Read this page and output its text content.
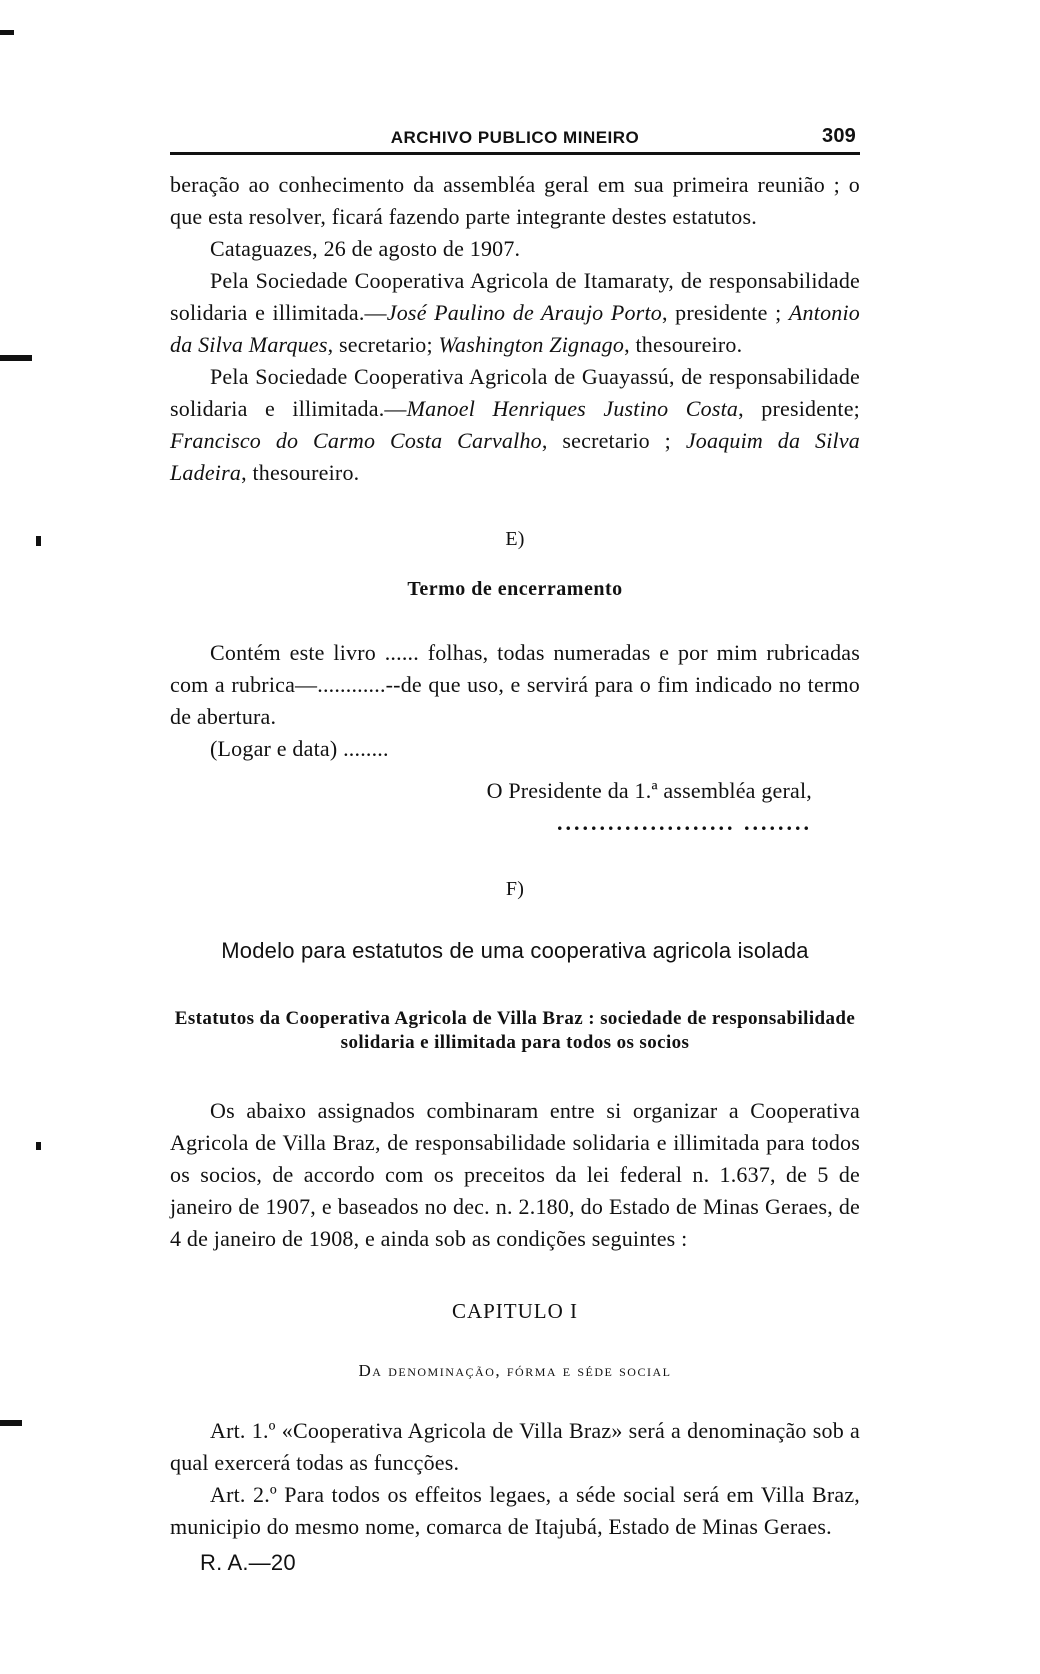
ARCHIVO PUBLICO MINEIRO	309

beração ao conhecimento da assembléa geral em sua primeira reunião ; o que esta resolver, ficará fazendo parte integrante destes estatutos.

Cataguazes, 26 de agosto de 1907.

Pela Sociedade Cooperativa Agricola de Itamaraty, de responsabilidade solidaria e illimitada.—José Paulino de Araujo Porto, presidente ; Antonio da Silva Marques, secretario; Washington Zignago, thesoureiro.

Pela Sociedade Cooperativa Agricola de Guayassú, de responsabilidade solidaria e illimitada.—Manoel Henriques Justino Costa, presidente; Francisco do Carmo Costa Carvalho, secretario ; Joaquim da Silva Ladeira, thesoureiro.

E)
Termo de encerramento

Contém este livro ...... folhas, todas numeradas e por mim rubricadas com a rubrica—............--de que uso, e servirá para o fim indicado no termo de abertura.

(Logar e data) ........

O Presidente da 1.ª assembléa geral,
..................... ........
F)
Modelo para estatutos de uma cooperativa agricola isolada
Estatutos da Cooperativa Agricola de Villa Braz : sociedade de responsabilidade solidaria e illimitada para todos os socios

Os abaixo assignados combinaram entre si organizar a Cooperativa Agricola de Villa Braz, de responsabilidade solidaria e illimitada para todos os socios, de accordo com os preceitos da lei federal n. 1.637, de 5 de janeiro de 1907, e baseados no dec. n. 2.180, do Estado de Minas Geraes, de 4 de janeiro de 1908, e ainda sob as condições seguintes :

CAPITULO I
Da denominação, fórma e séde social

Art. 1.º «Cooperativa Agricola de Villa Braz» será a denominação sob a qual exercerá todas as funcções.

Art. 2.º Para todos os effeitos legaes, a séde social será em Villa Braz, municipio do mesmo nome, comarca de Itajubá, Estado de Minas Geraes.

R. A.—20
